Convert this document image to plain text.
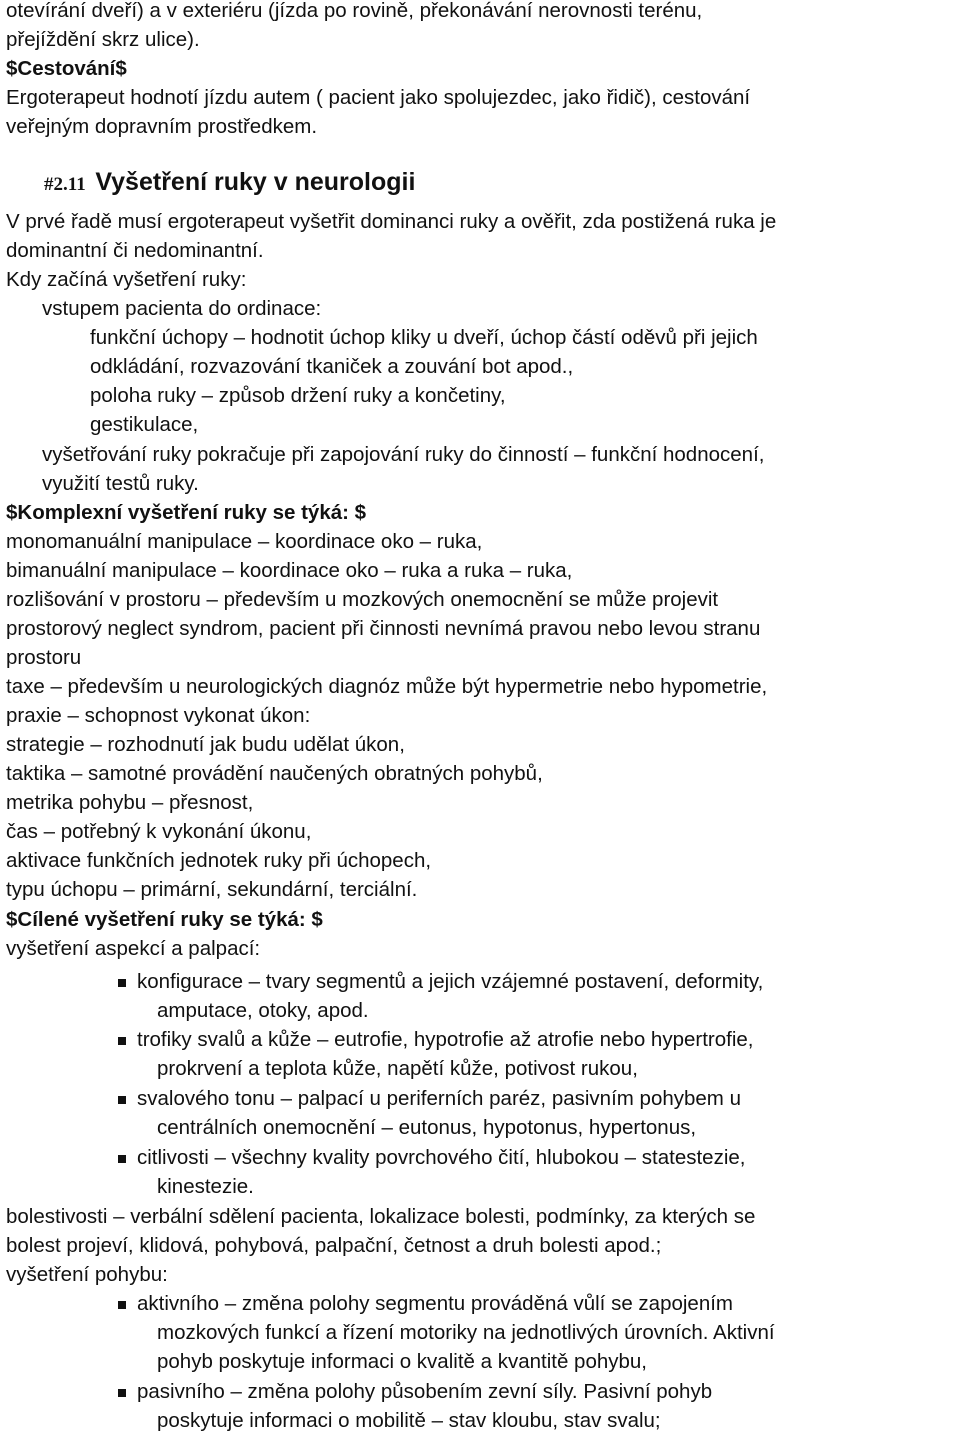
otevírání dveří) a v exteriéru (jízda po rovině, překonávání nerovnosti terénu,
přejíždění skrz ulice).
$Cestování$
Ergoterapeut hodnotí jízdu autem ( pacient jako spolujezdec, jako řidič), cestování
veřejným dopravním prostředkem.
#2.11 Vyšetření ruky v neurologii
V prvé řadě musí ergoterapeut vyšetřit dominanci ruky a ověřit, zda postižená ruka je
dominantní či nedominantní.
Kdy začíná vyšetření ruky:
vstupem pacienta do ordinace:
funkční úchopy – hodnotit úchop kliky u dveří, úchop částí oděvů při jejich
odkládání, rozvazování tkaniček a zouvání bot apod.,
poloha ruky – způsob držení ruky a končetiny,
gestikulace,
vyšetřování ruky pokračuje při zapojování ruky do činností – funkční hodnocení,
využití testů ruky.
$Komplexní vyšetření ruky se týká: $
monomanuální manipulace – koordinace oko – ruka,
bimanuální manipulace – koordinace oko – ruka a ruka – ruka,
rozlišování v prostoru – především u mozkových onemocnění se může projevit
prostorový neglect syndrom, pacient při činnosti nevnímá pravou nebo levou stranu
prostoru
taxe – především u neurologických diagnóz může být hypermetrie nebo hypometrie,
praxie – schopnost vykonat úkon:
strategie – rozhodnutí jak budu udělat úkon,
taktika – samotné provádění naučených obratných pohybů,
metrika pohybu – přesnost,
čas – potřebný k vykonání úkonu,
aktivace funkčních jednotek ruky při úchopech,
typu úchopu – primární, sekundární, terciální.
$Cílené vyšetření ruky se týká: $
vyšetření aspekcí a palpací:
konfigurace – tvary segmentů a jejich vzájemné postavení, deformity,
amputace, otoky, apod.
trofiky svalů a kůže – eutrofie, hypotrofie až atrofie nebo hypertrofie,
prokrvení a teplota kůže, napětí kůže, potivost rukou,
svalového tonu – palpací u periferních paréz, pasivním pohybem u
centrálních onemocnění – eutonus, hypotonus, hypertonus,
citlivosti – všechny kvality povrchového čití, hlubokou – statestezie,
kinestezie.
bolestivosti – verbální sdělení pacienta, lokalizace bolesti, podmínky, za kterých se
bolest projeví, klidová, pohybová, palpační, četnost a druh bolesti apod.;
vyšetření pohybu:
aktivního – změna polohy segmentu prováděná vůlí se zapojením
mozkových funkcí a řízení motoriky na jednotlivých úrovních. Aktivní
pohyb poskytuje informaci o kvalitě a kvantitě pohybu,
pasivního – změna polohy působením zevní síly. Pasivní pohyb
poskytuje informaci o mobilitě – stav kloubu, stav svalu;
